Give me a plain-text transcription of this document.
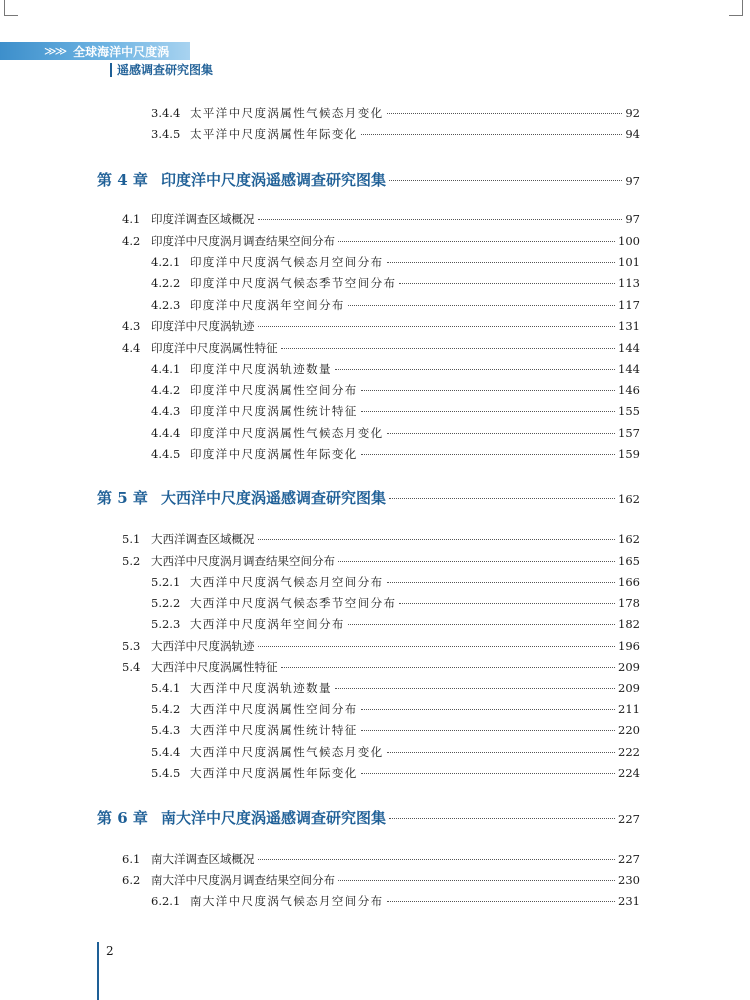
≫≫ 全球海洋中尺度涡
遥感调查研究图集
3.4.4 太平洋中尺度涡属性气候态月变化	92
3.4.5 太平洋中尺度涡属性年际变化	94
第 4 章 印度洋中尺度涡遥感调查研究图集	97
4.1 印度洋调查区域概况	97
4.2 印度洋中尺度涡月调查结果空间分布	100
4.2.1 印度洋中尺度涡气候态月空间分布	101
4.2.2 印度洋中尺度涡气候态季节空间分布	113
4.2.3 印度洋中尺度涡年空间分布	117
4.3 印度洋中尺度涡轨迹	131
4.4 印度洋中尺度涡属性特征	144
4.4.1 印度洋中尺度涡轨迹数量	144
4.4.2 印度洋中尺度涡属性空间分布	146
4.4.3 印度洋中尺度涡属性统计特征	155
4.4.4 印度洋中尺度涡属性气候态月变化	157
4.4.5 印度洋中尺度涡属性年际变化	159
第 5 章 大西洋中尺度涡遥感调查研究图集	162
5.1 大西洋调查区域概况	162
5.2 大西洋中尺度涡月调查结果空间分布	165
5.2.1 大西洋中尺度涡气候态月空间分布	166
5.2.2 大西洋中尺度涡气候态季节空间分布	178
5.2.3 大西洋中尺度涡年空间分布	182
5.3 大西洋中尺度涡轨迹	196
5.4 大西洋中尺度涡属性特征	209
5.4.1 大西洋中尺度涡轨迹数量	209
5.4.2 大西洋中尺度涡属性空间分布	211
5.4.3 大西洋中尺度涡属性统计特征	220
5.4.4 大西洋中尺度涡属性气候态月变化	222
5.4.5 大西洋中尺度涡属性年际变化	224
第 6 章 南大洋中尺度涡遥感调查研究图集	227
6.1 南大洋调查区域概况	227
6.2 南大洋中尺度涡月调查结果空间分布	230
6.2.1 南大洋中尺度涡气候态月空间分布	231
2
